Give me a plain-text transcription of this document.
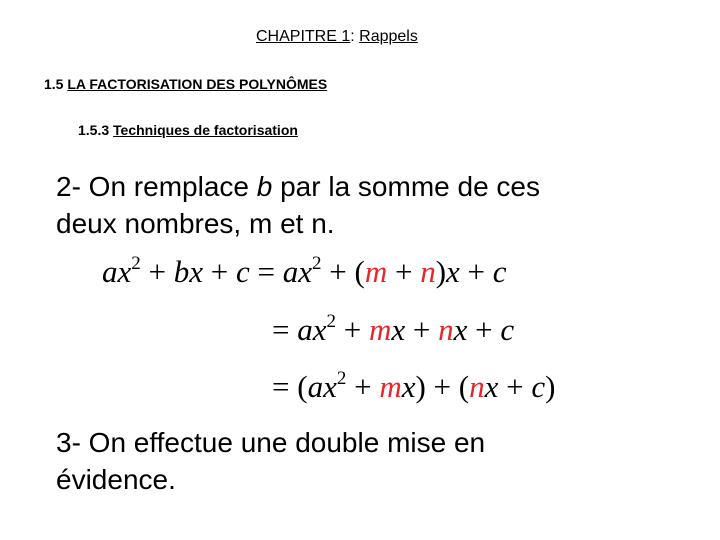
CHAPITRE 1: Rappels
1.5 LA FACTORISATION DES POLYNÔMES
1.5.3 Techniques de factorisation
2- On remplace b par la somme de ces
deux nombres, m et n.
$ax^2$ + bx + $c = ax^2 + (m + n)x + c$
= $ax^2$ + mx + nx + c
= $(ax^2 + mx) + (nx + c)$
3- On effectue une double mise en
évidence.
